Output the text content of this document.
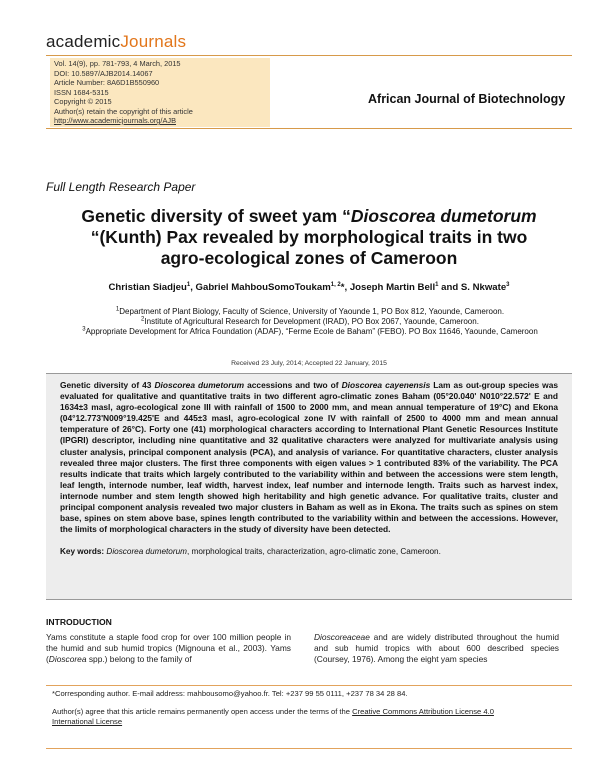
academicJournals
Vol. 14(9), pp. 781-793, 4 March, 2015
DOI: 10.5897/AJB2014.14067
Article Number: 8A6D1B550960
ISSN 1684-5315
Copyright © 2015
Author(s) retain the copyright of this article
http://www.academicjournals.org/AJB
African Journal of Biotechnology
Full Length Research Paper
Genetic diversity of sweet yam “Dioscorea dumetorum
“(Kunth) Pax revealed by morphological traits in two
agro-ecological zones of Cameroon
Christian Siadjeu$^1$, Gabriel MahbouSomoToukam$^{1, 2}$*, Joseph Martin Bell$^1$ and S. Nkwate$^3$
$^1$Department of Plant Biology, Faculty of Science, University of Yaounde 1, PO Box 812, Yaounde, Cameroon.
$^2$Institute of Agricultural Research for Development (IRAD), PO Box 2067, Yaounde, Cameroon.
$^3$Appropriate Development for Africa Foundation (ADAF), “Ferme Ecole de Baham” (FEBO). PO Box 11646, Yaounde, Cameroon
Received 23 July, 2014; Accepted 22 January, 2015

Genetic diversity of 43 Dioscorea dumetorum accessions and two of Dioscorea cayenensis Lam as out-group species was evaluated for qualitative and quantitative traits in two different agro-climatic zones Baham (05°20.040' N010°22.572' E and 1634±3 masl, agro-ecological zone III with rainfall of 1500 to 2000 mm, and mean annual temperature of 19°C) and Ekona (04°12.773'N009°19.425'E and 445±3 masl, agro-ecological zone IV with rainfall of 2500 to 4000 mm and mean annual temperature of 26°C). Forty one (41) morphological characters according to International Plant Genetic Resources Institute (IPGRI) descriptor, including nine quantitative and 32 qualitative characters were analyzed for multivariate analysis using cluster analysis, principal component analysis (PCA), and analysis of variance. For quantitative characters, cluster analysis revealed three major clusters. The first three components with eigen values > 1 contributed 83% of the variability. The PCA results indicate that traits which largely contributed to the variability within and between the accessions were stem length, leaf length, internode number, leaf width, harvest index, leaf number and internode length. Traits such as harvest index, internode number and stem length showed high heritability and high genetic advance. For qualitative traits, cluster and principal component analysis revealed two major clusters in Baham as well as in Ekona. The traits such as spines on stem base, spines on stem above base, spines length contributed to the variability within and between the accessions. However, the limits of morphological characters in the study of diversity have been detected.

Key words: Dioscorea dumetorum, morphological traits, characterization, agro-climatic zone, Cameroon.

INTRODUCTION

Yams constitute a staple food crop for over 100 million people in the humid and sub humid tropics (Mignouna et al., 2003). Yams (Dioscorea spp.) belong to the family of

Dioscoreaceae and are widely distributed throughout the humid and sub humid tropics with about 600 described species (Coursey, 1976). Among the eight yam species

*Corresponding author. E-mail address: mahbousomo@yahoo.fr. Tel: +237 99 55 0111, +237 78 34 28 84.
Author(s) agree that this article remains permanently open access under the terms of the Creative Commons Attribution License 4.0
International License
